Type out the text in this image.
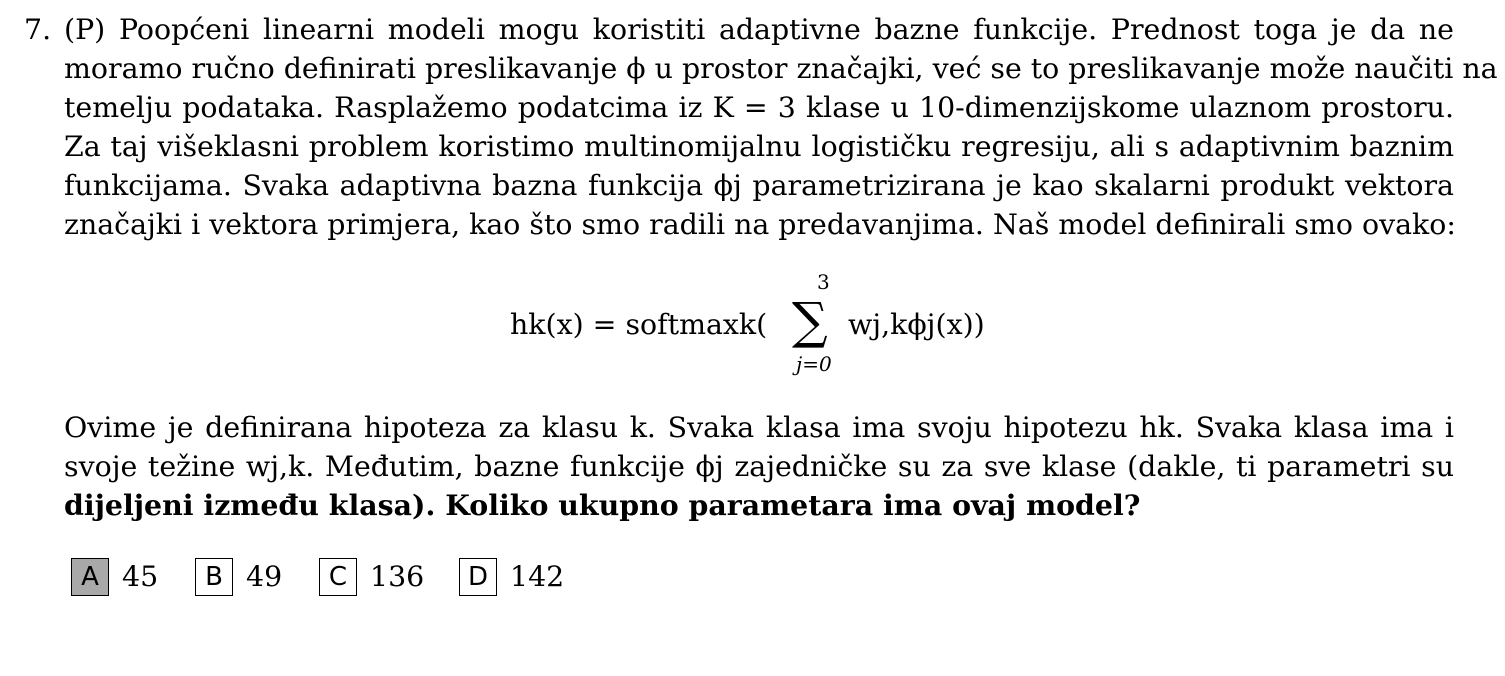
7. (P) Poopćeni linearni modeli mogu koristiti adaptivne bazne funkcije. Prednost toga je da ne
moramo ručno definirati preslikavanje ϕ u prostor značajki, već se to preslikavanje može naučiti na
temelju podataka. Rasplažemo podatcima iz K = 3 klase u 10-dimenzijskome ulaznom prostoru.
Za taj višeklasni problem koristimo multinomijalnu logističku regresiju, ali s adaptivnim baznim
funkcijama. Svaka adaptivna bazna funkcija ϕj parametrizirana je kao skalarni produkt vektora
značajki i vektora primjera, kao što smo radili na predavanjima. Naš model definirali smo ovako:
hk(x) = softmaxk(
3
∑
j=0
wj,kϕj(x))
Ovime je definirana hipoteza za klasu k. Svaka klasa ima svoju hipotezu hk. Svaka klasa ima i
svoje težine wj,k. Međutim, bazne funkcije ϕj zajedničke su za sve klase (dakle, ti parametri su
dijeljeni između klasa). Koliko ukupno parametara ima ovaj model?
A 45	B 49	C 136	D 142
